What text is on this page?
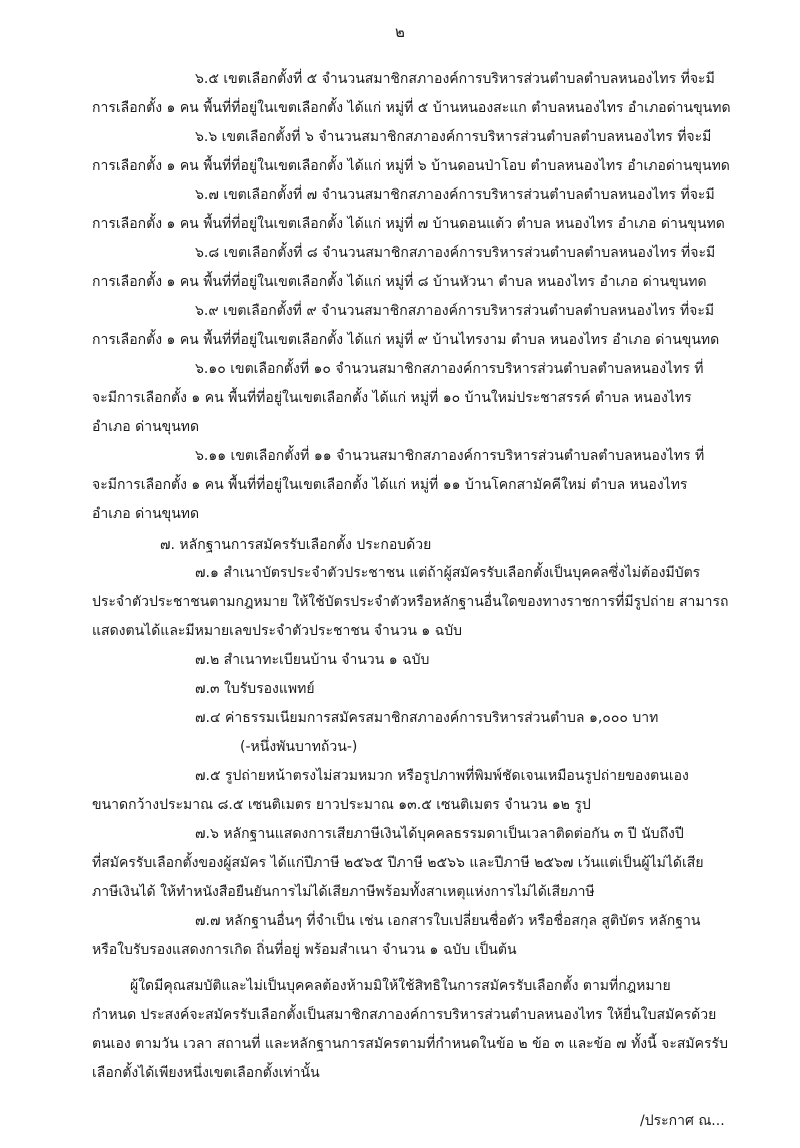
๒
๖.๕ เขตเลือกตั้งที่ ๕ จำนวนสมาชิกสภาองค์การบริหารส่วนตำบลตำบลหนองไทร ที่จะมี
การเลือกตั้ง ๑ คน พื้นที่ที่อยู่ในเขตเลือกตั้ง ได้แก่ หมู่ที่ ๕ บ้านหนองสะแก ตำบลหนองไทร อำเภอด่านขุนทด
๖.๖ เขตเลือกตั้งที่ ๖ จำนวนสมาชิกสภาองค์การบริหารส่วนตำบลตำบลหนองไทร ที่จะมี
การเลือกตั้ง ๑ คน พื้นที่ที่อยู่ในเขตเลือกตั้ง ได้แก่ หมู่ที่ ๖ บ้านดอนป่าโอบ ตำบลหนองไทร อำเภอด่านขุนทด
๖.๗ เขตเลือกตั้งที่ ๗ จำนวนสมาชิกสภาองค์การบริหารส่วนตำบลตำบลหนองไทร ที่จะมี
การเลือกตั้ง ๑ คน พื้นที่ที่อยู่ในเขตเลือกตั้ง ได้แก่ หมู่ที่ ๗ บ้านดอนแต้ว ตำบล หนองไทร อำเภอ ด่านขุนทด
๖.๘ เขตเลือกตั้งที่ ๘ จำนวนสมาชิกสภาองค์การบริหารส่วนตำบลตำบลหนองไทร ที่จะมี
การเลือกตั้ง ๑ คน พื้นที่ที่อยู่ในเขตเลือกตั้ง ได้แก่ หมู่ที่ ๘ บ้านหัวนา ตำบล หนองไทร อำเภอ ด่านขุนทด
๖.๙ เขตเลือกตั้งที่ ๙ จำนวนสมาชิกสภาองค์การบริหารส่วนตำบลตำบลหนองไทร ที่จะมี
การเลือกตั้ง ๑ คน พื้นที่ที่อยู่ในเขตเลือกตั้ง ได้แก่ หมู่ที่ ๙ บ้านไทรงาม ตำบล หนองไทร อำเภอ ด่านขุนทด
๖.๑๐ เขตเลือกตั้งที่ ๑๐ จำนวนสมาชิกสภาองค์การบริหารส่วนตำบลตำบลหนองไทร ที่
จะมีการเลือกตั้ง ๑ คน พื้นที่ที่อยู่ในเขตเลือกตั้ง ได้แก่ หมู่ที่ ๑๐ บ้านใหม่ประชาสรรค์ ตำบล หนองไทร
อำเภอ ด่านขุนทด
๖.๑๑ เขตเลือกตั้งที่ ๑๑ จำนวนสมาชิกสภาองค์การบริหารส่วนตำบลตำบลหนองไทร ที่
จะมีการเลือกตั้ง ๑ คน พื้นที่ที่อยู่ในเขตเลือกตั้ง ได้แก่ หมู่ที่ ๑๑ บ้านโคกสามัคคีใหม่ ตำบล หนองไทร
อำเภอ ด่านขุนทด
๗. หลักฐานการสมัครรับเลือกตั้ง ประกอบด้วย
๗.๑ สำเนาบัตรประจำตัวประชาชน แต่ถ้าผู้สมัครรับเลือกตั้งเป็นบุคคลซึ่งไม่ต้องมีบัตร
ประจำตัวประชาชนตามกฎหมาย ให้ใช้บัตรประจำตัวหรือหลักฐานอื่นใดของทางราชการที่มีรูปถ่าย สามารถ
แสดงตนได้และมีหมายเลขประจำตัวประชาชน จำนวน ๑ ฉบับ
๗.๒ สำเนาทะเบียนบ้าน จำนวน ๑ ฉบับ
๗.๓ ใบรับรองแพทย์
๗.๔ ค่าธรรมเนียมการสมัครสมาชิกสภาองค์การบริหารส่วนตำบล ๑,๐๐๐ บาท
(-หนึ่งพันบาทถ้วน-)
๗.๕ รูปถ่ายหน้าตรงไม่สวมหมวก หรือรูปภาพที่พิมพ์ชัดเจนเหมือนรูปถ่ายของตนเอง
ขนาดกว้างประมาณ ๘.๕ เซนติเมตร ยาวประมาณ ๑๓.๕ เซนติเมตร จำนวน ๑๒ รูป
๗.๖ หลักฐานแสดงการเสียภาษีเงินได้บุคคลธรรมดาเป็นเวลาติดต่อกัน ๓ ปี นับถึงปี
ที่สมัครรับเลือกตั้งของผู้สมัคร ได้แก่ปีภาษี ๒๕๖๕ ปีภาษี ๒๕๖๖ และปีภาษี ๒๕๖๗ เว้นแต่เป็นผู้ไม่ได้เสีย
ภาษีเงินได้ ให้ทำหนังสือยืนยันการไม่ได้เสียภาษีพร้อมทั้งสาเหตุแห่งการไม่ได้เสียภาษี
๗.๗ หลักฐานอื่นๆ ที่จำเป็น เช่น เอกสารใบเปลี่ยนชื่อตัว หรือชื่อสกุล สูติบัตร หลักฐาน
หรือใบรับรองแสดงการเกิด ถิ่นที่อยู่ พร้อมสำเนา จำนวน ๑ ฉบับ เป็นต้น
ผู้ใดมีคุณสมบัติและไม่เป็นบุคคลต้องห้ามมิให้ใช้สิทธิในการสมัครรับเลือกตั้ง ตามที่กฎหมาย
กำหนด ประสงค์จะสมัครรับเลือกตั้งเป็นสมาชิกสภาองค์การบริหารส่วนตำบลหนองไทร ให้ยื่นใบสมัครด้วย
ตนเอง ตามวัน เวลา สถานที่ และหลักฐานการสมัครตามที่กำหนดในข้อ ๒ ข้อ ๓ และข้อ ๗ ทั้งนี้ จะสมัครรับ
เลือกตั้งได้เพียงหนึ่งเขตเลือกตั้งเท่านั้น
/ประกาศ ณ...
